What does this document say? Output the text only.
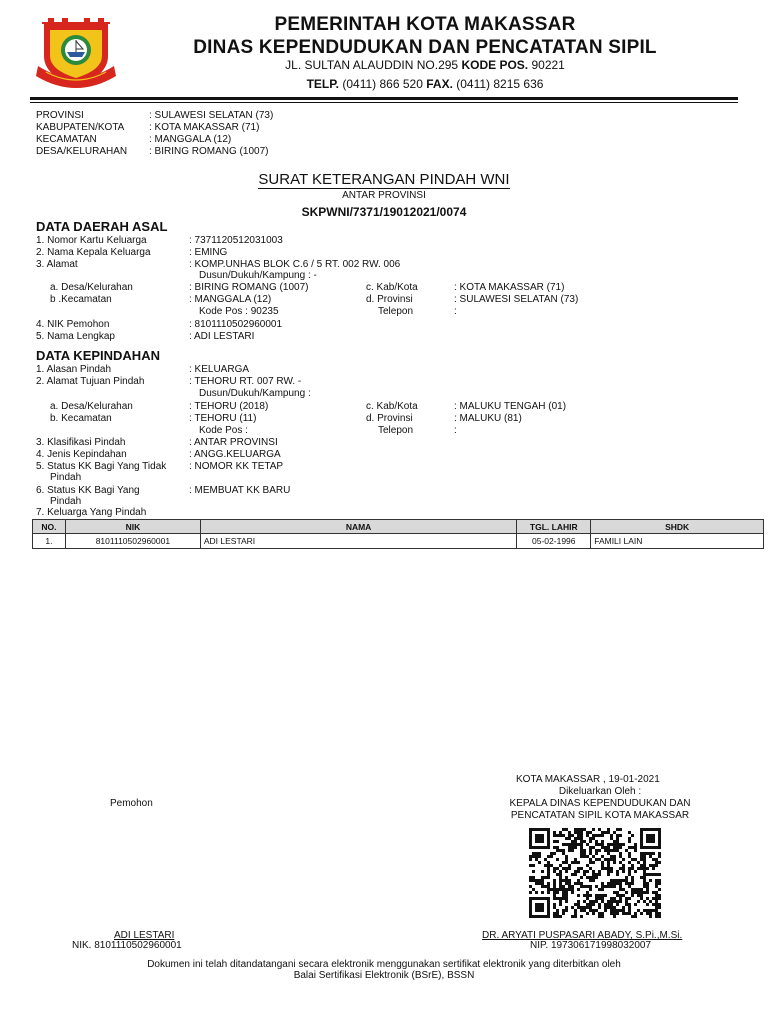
PEMERINTAH KOTA MAKASSAR
DINAS KEPENDUDUKAN DAN PENCATATAN SIPIL
JL. SULTAN ALAUDDIN NO.295 KODE POS. 90221
TELP. (0411) 866 520 FAX. (0411) 8215 636
PROVINSI	: SULAWESI SELATAN (73)
KABUPATEN/KOTA : KOTA MAKASSAR (71)
KECAMATAN	: MANGGALA (12)
DESA/KELURAHAN : BIRING ROMANG (1007)
SURAT KETERANGAN PINDAH WNI
ANTAR PROVINSI
SKPWNI/7371/19012021/0074
DATA DAERAH ASAL
1. Nomor Kartu Keluarga	: 7371120512031003
2. Nama Kepala Keluarga	: EMING
3. Alamat	: KOMP.UNHAS BLOK C.6 / 5 RT. 002 RW. 006
Dusun/Dukuh/Kampung : -
a. Desa/Kelurahan	: BIRING ROMANG (1007)	c. Kab/Kota	: KOTA MAKASSAR (71)
b .Kecamatan	: MANGGALA (12)	d. Provinsi	: SULAWESI SELATAN (73)
Kode Pos : 90235	Telepon	:
4. NIK Pemohon	: 8101110502960001
5. Nama Lengkap	: ADI LESTARI
DATA KEPINDAHAN
1. Alasan Pindah	: KELUARGA
2. Alamat Tujuan Pindah	: TEHORU RT. 007 RW. -
Dusun/Dukuh/Kampung :
a. Desa/Kelurahan	: TEHORU (2018)	c. Kab/Kota	: MALUKU TENGAH (01)
b. Kecamatan	: TEHORU (11)	d. Provinsi	: MALUKU (81)
Kode Pos :	Telepon	:
3. Klasifikasi Pindah	: ANTAR PROVINSI
4. Jenis Kepindahan	: ANGG.KELUARGA
5. Status KK Bagi Yang Tidak
Pindah
: NOMOR KK TETAP
6. Status KK Bagi Yang
Pindah
: MEMBUAT KK BARU
7. Keluarga Yang Pindah
NO.	NIK	NAMA	TGL. LAHIR	SHDK
1.	8101110502960001	ADI LESTARI	05-02-1996	FAMILI LAIN
KOTA MAKASSAR , 19-01-2021
Dikeluarkan Oleh :
KEPALA DINAS KEPENDUDUKAN DAN
PENCATATAN SIPIL KOTA MAKASSAR
Pemohon
ADI LESTARI
NIK. 8101110502960001
DR. ARYATI PUSPASARI ABADY, S.Pi.,M.Si.
NIP. 197306171998032007
Dokumen ini telah ditandatangani secara elektronik menggunakan sertifikat elektronik yang diterbitkan oleh
Balai Sertifikasi Elektronik (BSrE), BSSN
